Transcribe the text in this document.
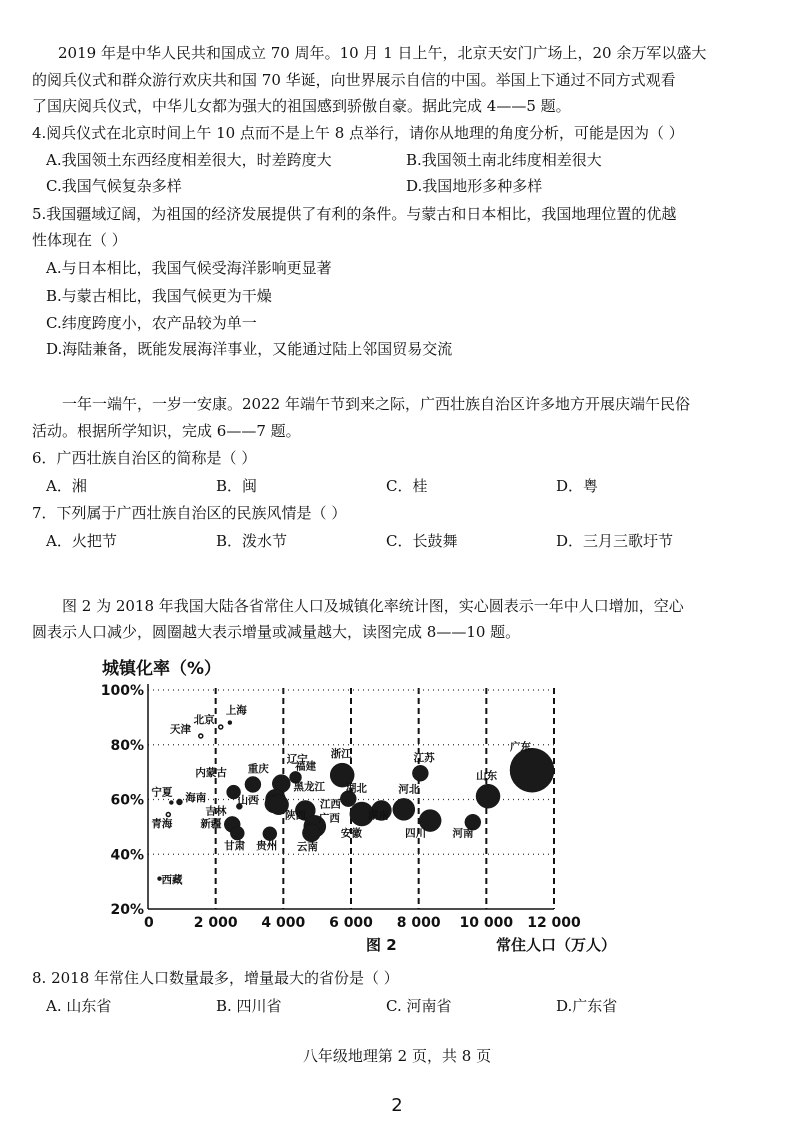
2019 年是中华人民共和国成立 70 周年。10 月 1 日上午，北京天安门广场上，20 余万军以盛大
的阅兵仪式和群众游行欢庆共和国 70 华诞，向世界展示自信的中国。举国上下通过不同方式观看
了国庆阅兵仪式，中华儿女都为强大的祖国感到骄傲自豪。据此完成 4——5 题。
4.阅兵仪式在北京时间上午 10 点而不是上午 8 点举行，请你从地理的角度分析，可能是因为（ ）
A.我国领土东西经度相差很大，时差跨度大	B.我国领土南北纬度相差很大
C.我国气候复杂多样	D.我国地形多种多样
5.我国疆域辽阔，为祖国的经济发展提供了有利的条件。与蒙古和日本相比，我国地理位置的优越
性体现在（ ）
A.与日本相比，我国气候受海洋影响更显著
B.与蒙古相比，我国气候更为干燥
C.纬度跨度小，农产品较为单一
D.海陆兼备，既能发展海洋事业，又能通过陆上邻国贸易交流
一年一端午，一岁一安康。2022 年端午节到来之际，广西壮族自治区许多地方开展庆端午民俗
活动。根据所学知识，完成 6——7 题。
6．广西壮族自治区的简称是（ ）
A．湘	B．闽	C．桂	D．粤
7．下列属于广西壮族自治区的民族风情是（ ）
A．火把节	B．泼水节	C．长鼓舞	D．三月三歌圩节
图 2 为 2018 年我国大陆各省常住人口及城镇化率统计图，实心圆表示一年中人口增加，空心
圆表示人口减少，圆圈越大表示增量或减量越大，读图完成 8——10 题。
20%
40%
60%
80%
100%
0	2 000 4 000 6 000 8 000 10 000 12 000
上海
北京
天津
广东
江苏
浙江
辽宁
重庆
内蒙古	山东
福建
黑龙江
宁夏 海南
湖北	河北
山西
陕西
吉林
江西
广西	湖南
安徽
青海	新疆
四川	河南
甘肃 贵州 云南
西藏
城镇化率（%）
常住人口（万人）
图 2
8. 2018 年常住人口数量最多，增量最大的省份是（ ）
A. 山东省	B. 四川省	C. 河南省	D.广东省
八年级地理第 2 页，共 8 页
2
